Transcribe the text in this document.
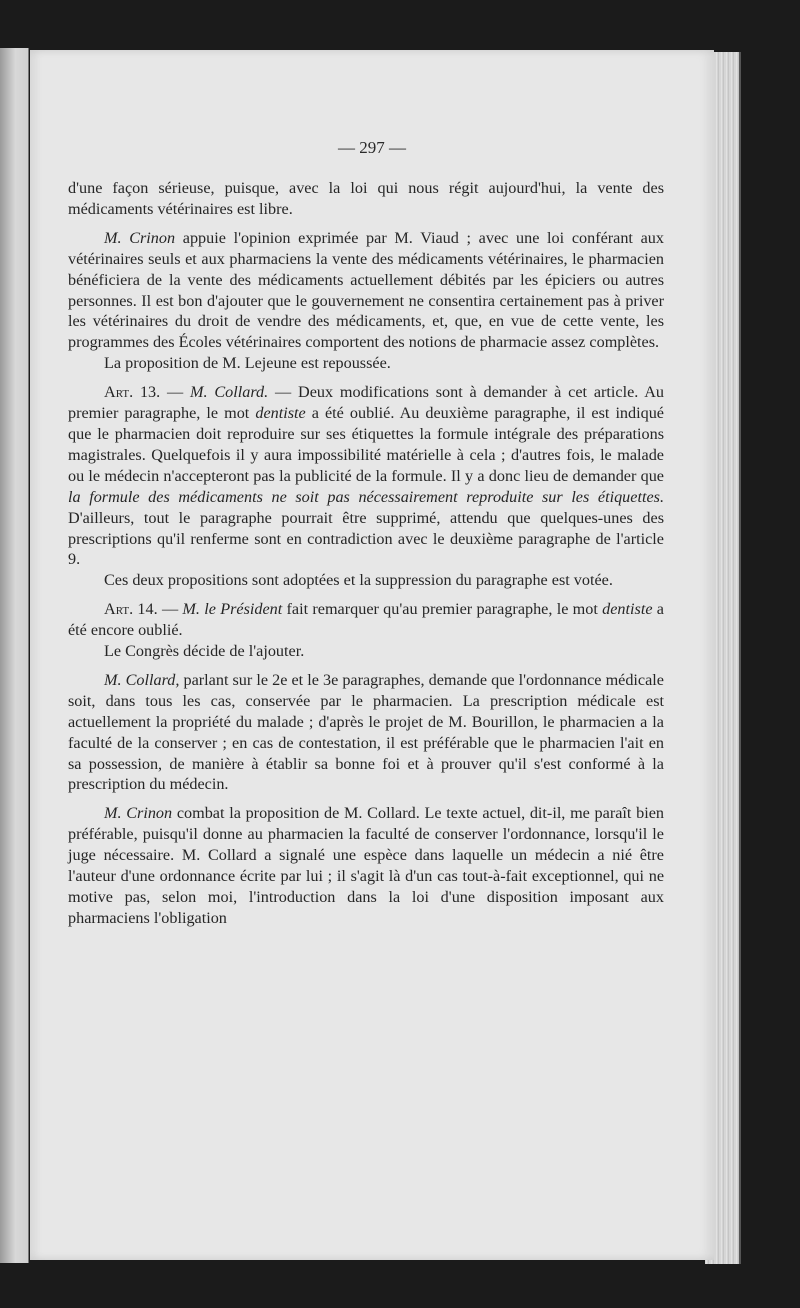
— 297 —

d'une façon sérieuse, puisque, avec la loi qui nous régit aujourd'hui, la vente des médicaments vétérinaires est libre.

M. Crinon appuie l'opinion exprimée par M. Viaud ; avec une loi conférant aux vétérinaires seuls et aux pharmaciens la vente des médicaments vétérinaires, le pharmacien bénéficiera de la vente des médicaments actuellement débités par les épiciers ou autres personnes. Il est bon d'ajouter que le gouvernement ne consentira certainement pas à priver les vétérinaires du droit de vendre des médicaments, et, que, en vue de cette vente, les programmes des Écoles vétérinaires comportent des notions de pharmacie assez complètes.

La proposition de M. Lejeune est repoussée.

Art. 13. — M. Collard. — Deux modifications sont à demander à cet article. Au premier paragraphe, le mot dentiste a été oublié. Au deuxième paragraphe, il est indiqué que le pharmacien doit reproduire sur ses étiquettes la formule intégrale des préparations magistrales. Quelquefois il y aura impossibilité matérielle à cela ; d'autres fois, le malade ou le médecin n'accepteront pas la publicité de la formule. Il y a donc lieu de demander que la formule des médicaments ne soit pas nécessairement reproduite sur les étiquettes. D'ailleurs, tout le paragraphe pourrait être supprimé, attendu que quelques-unes des prescriptions qu'il renferme sont en contradiction avec le deuxième paragraphe de l'article 9.

Ces deux propositions sont adoptées et la suppression du paragraphe est votée.

Art. 14. — M. le Président fait remarquer qu'au premier paragraphe, le mot dentiste a été encore oublié.

Le Congrès décide de l'ajouter.

M. Collard, parlant sur le 2e et le 3e paragraphes, demande que l'ordonnance médicale soit, dans tous les cas, conservée par le pharmacien. La prescription médicale est actuellement la propriété du malade ; d'après le projet de M. Bourillon, le pharmacien a la faculté de la conserver ; en cas de contestation, il est préférable que le pharmacien l'ait en sa possession, de manière à établir sa bonne foi et à prouver qu'il s'est conformé à la prescription du médecin.

M. Crinon combat la proposition de M. Collard. Le texte actuel, dit-il, me paraît bien préférable, puisqu'il donne au pharmacien la faculté de conserver l'ordonnance, lorsqu'il le juge nécessaire. M. Collard a signalé une espèce dans laquelle un médecin a nié être l'auteur d'une ordonnance écrite par lui ; il s'agit là d'un cas tout-à-fait exceptionnel, qui ne motive pas, selon moi, l'introduction dans la loi d'une disposition imposant aux pharmaciens l'obligation
